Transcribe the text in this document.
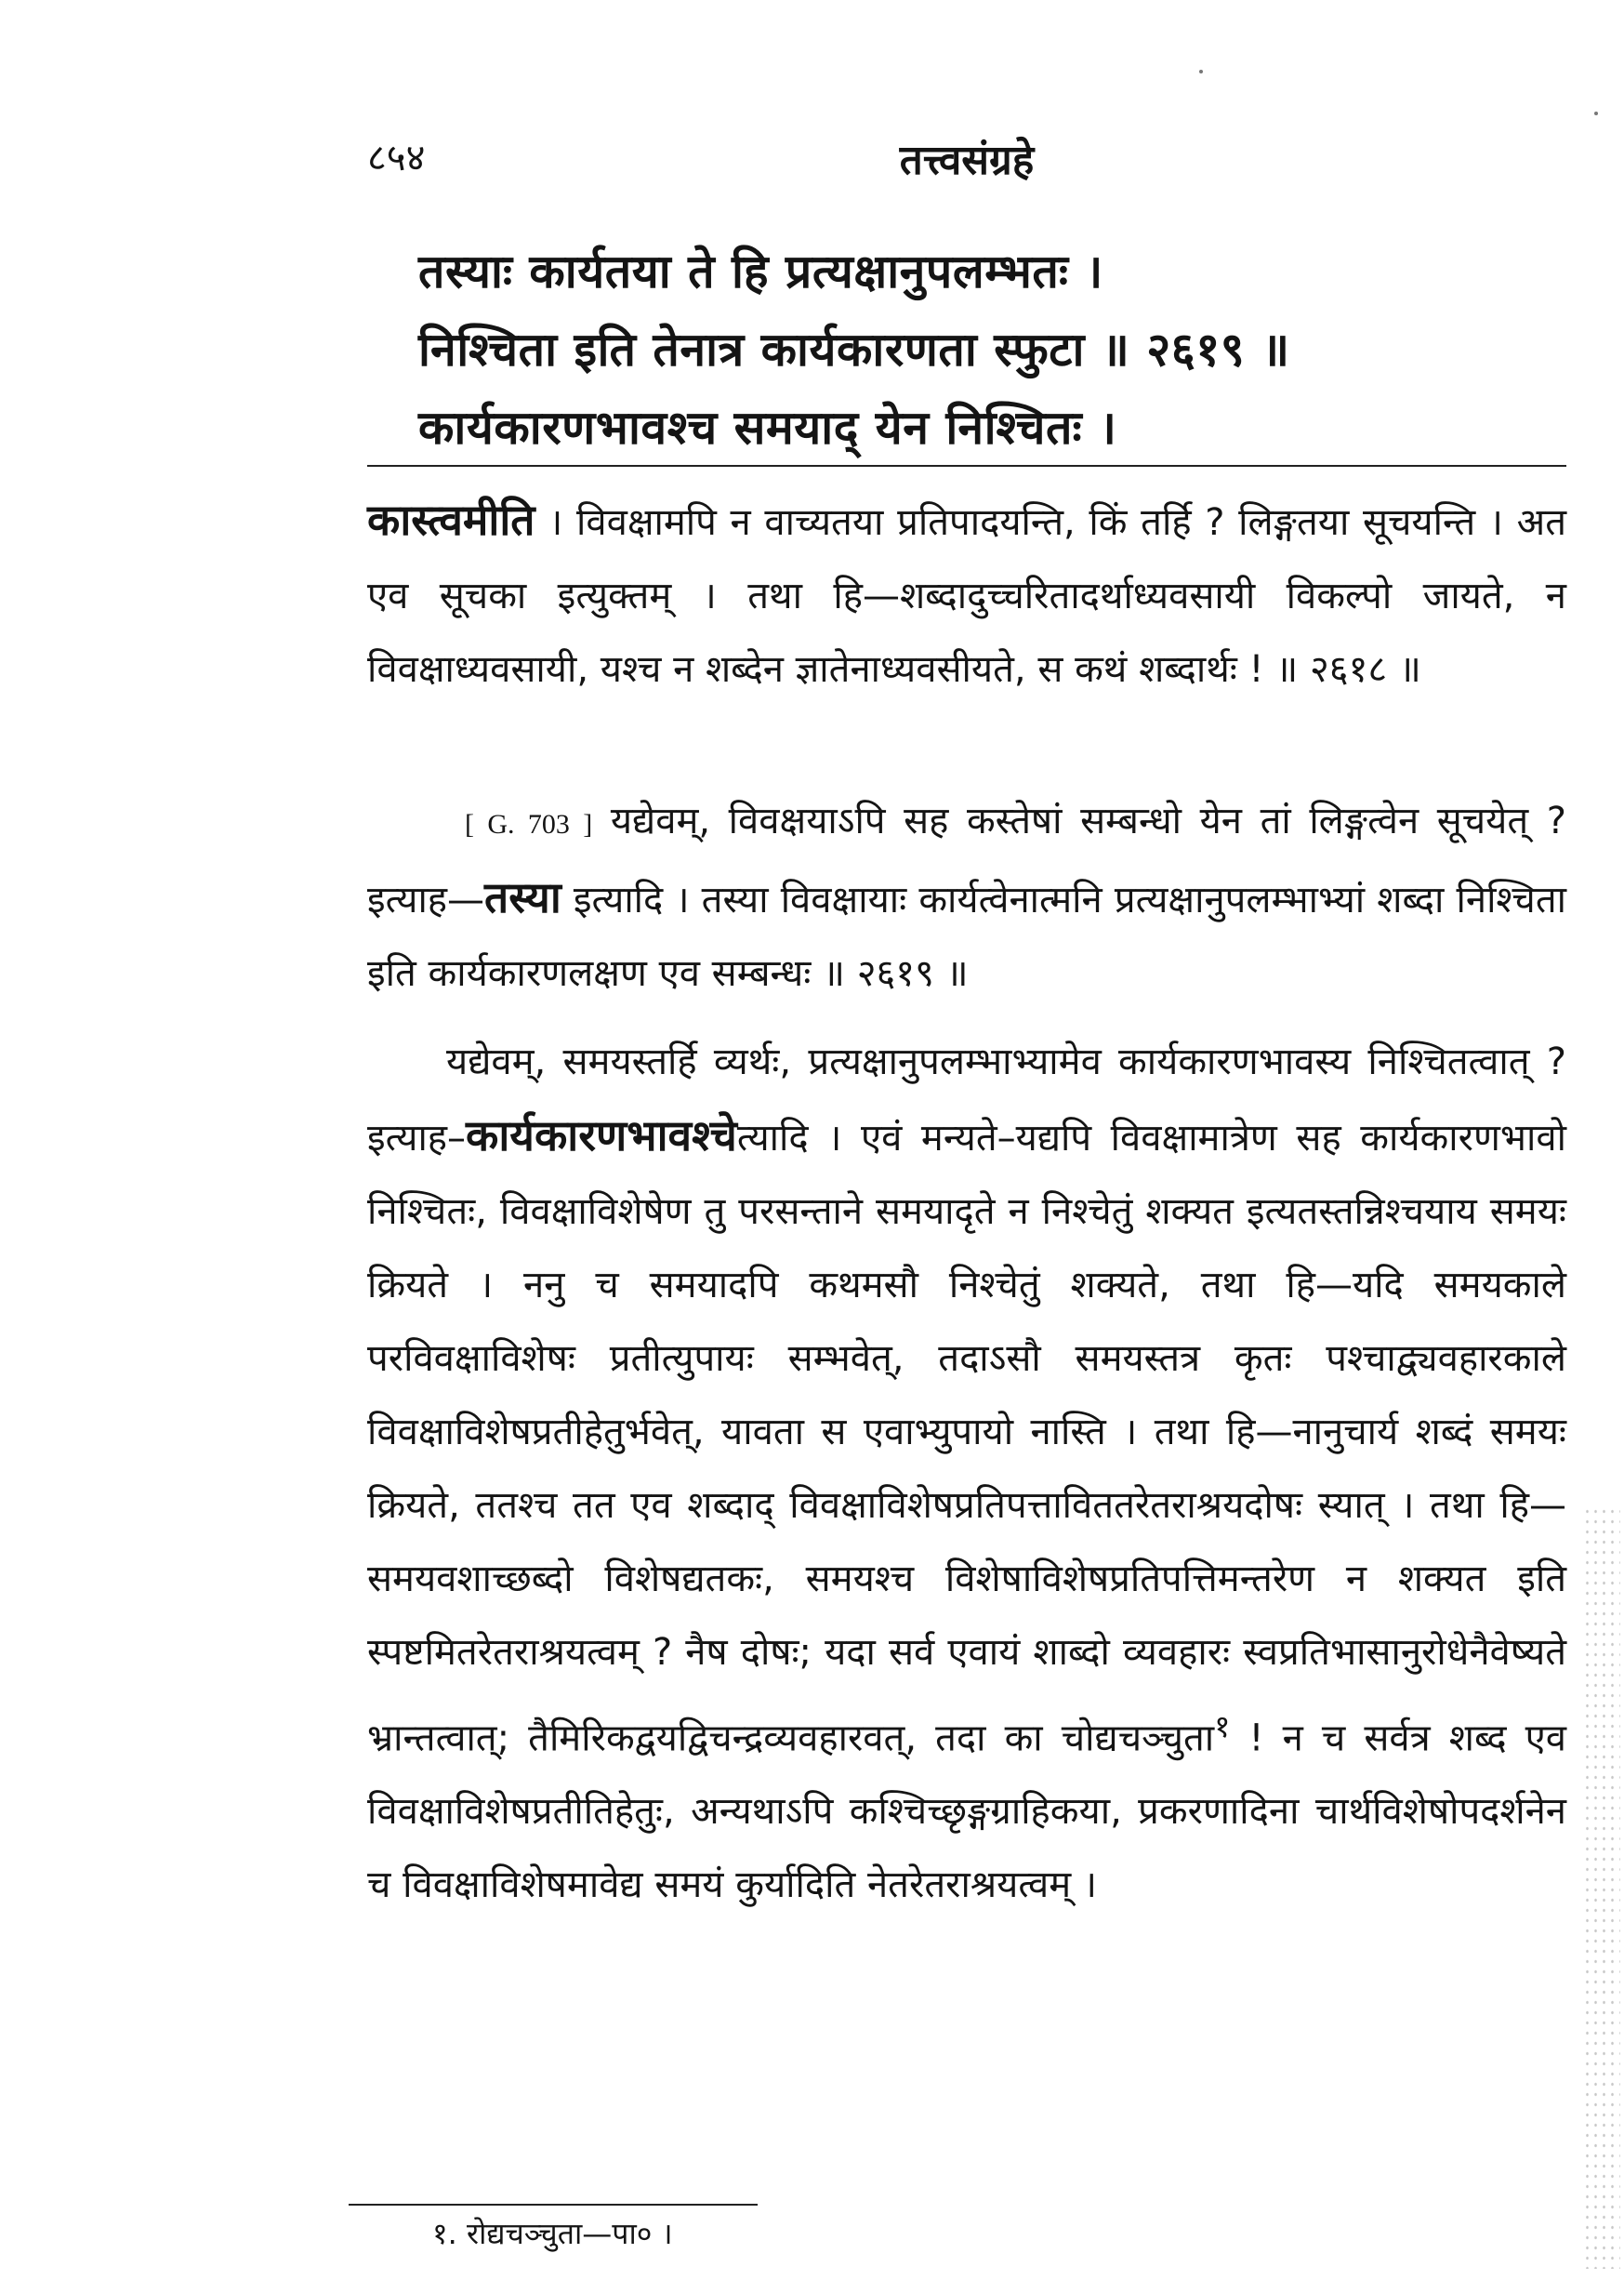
८५४	तत्त्वसंग्रहे
तस्याः कार्यतया ते हि प्रत्यक्षानुपलम्भतः ।
निश्चिता इति तेनात्र कार्यकारणता स्फुटा ॥ २६१९ ॥
कार्यकारणभावश्च समयाद् येन निश्चितः ।

कास्त्वमीति । विवक्षामपि न वाच्यतया प्रतिपादयन्ति, किं तर्हि ? लिङ्गतया सूचयन्ति । अत एव सूचका इत्युक्तम् । तथा हि—शब्दादुच्चरितादर्थाध्यवसायी विकल्पो जायते, न विवक्षाध्यवसायी, यश्च न शब्देन ज्ञातेनाध्यवसीयते, स कथं शब्दार्थः ! ॥ २६१८ ॥

[ G. 703 ] यद्येवम्, विवक्षयाऽपि सह कस्तेषां सम्बन्धो येन तां लिङ्गत्वेन सूचयेत् ? इत्याह—तस्या इत्यादि । तस्या विवक्षायाः कार्यत्वेनात्मनि प्रत्यक्षानुपलम्भाभ्यां शब्दा निश्चिता इति कार्यकारणलक्षण एव सम्बन्धः ॥ २६१९ ॥

यद्येवम्, समयस्तर्हि व्यर्थः, प्रत्यक्षानुपलम्भाभ्यामेव कार्यकारणभावस्य निश्चितत्वात् ? इत्याह–कार्यकारणभावश्चेत्यादि । एवं मन्यते–यद्यपि विवक्षामात्रेण सह कार्यकारणभावो निश्चितः, विवक्षाविशेषेण तु परसन्ताने समयादृते न निश्चेतुं शक्यत इत्यतस्तन्निश्चयाय समयः क्रियते । ननु च समयादपि कथमसौ निश्चेतुं शक्यते, तथा हि—यदि समयकाले परविवक्षाविशेषः प्रतीत्युपायः सम्भवेत्, तदाऽसौ समयस्तत्र कृतः पश्चाद्व्यवहारकाले विवक्षाविशेषप्रतीहेतुर्भवेत्, यावता स एवाभ्युपायो नास्ति । तथा हि—नानुचार्य शब्दं समयः क्रियते, ततश्च तत एव शब्दाद् विवक्षाविशेषप्रतिपत्ताविततरेतराश्रयदोषः स्यात् । तथा हि—समयवशाच्छब्दो विशेषद्यतकः, समयश्च विशेषाविशेषप्रतिपत्तिमन्तरेण न शक्यत इति स्पष्टमितरेतराश्रयत्वम् ? नैष दोषः; यदा सर्व एवायं शाब्दो व्यवहारः स्वप्रतिभासानुरोधेनैवेष्यते भ्रान्तत्वात्; तैमिरिकद्वयद्विचन्द्रव्यवहारवत्, तदा का चोद्यचञ्चुता$^१$ ! न च सर्वत्र शब्द एव विवक्षाविशेषप्रतीतिहेतुः, अन्यथाऽपि कश्चिच्छृङ्गग्राहिकया, प्रकरणादिना चार्थविशेषोपदर्शनेन च विवक्षाविशेषमावेद्य समयं कुर्यादिति नेतरेतराश्रयत्वम् ।

१. रोद्यचञ्चुता—पा० ।
